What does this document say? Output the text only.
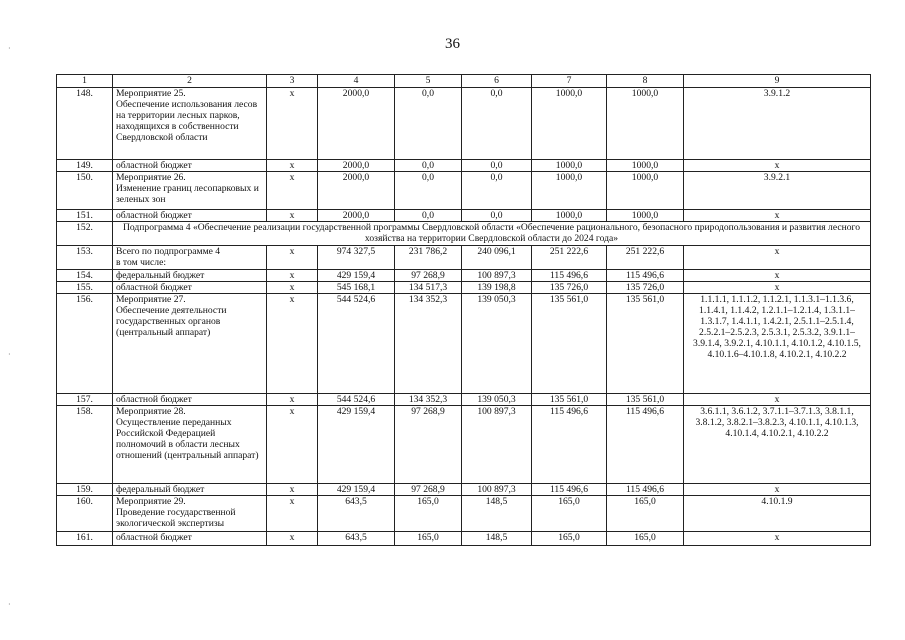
36
1	2	3	4	5	6	7	8	9
148.	Мероприятие 25.
Обеспечение использования лесов на территории лесных парков, находящихся в собственности Свердловской области	х	2000,0	0,0	0,0	1000,0	1000,0	3.9.1.2
149.	областной бюджет	х	2000,0	0,0	0,0	1000,0	1000,0	х
150.	Мероприятие 26.
Изменение границ лесопарковых и зеленых зон	х	2000,0	0,0	0,0	1000,0	1000,0	3.9.2.1
151.	областной бюджет	х	2000,0	0,0	0,0	1000,0	1000,0	х
152.	Подпрограмма 4 «Обеспечение реализации государственной программы Свердловской области «Обеспечение рационального, безопасного природопользования и развития лесного хозяйства на территории Свердловской области до 2024 года»							
153.	Всего по подпрограмме 4
в том числе:	х	974 327,5	231 786,2	240 096,1	251 222,6	251 222,6	х
154.	федеральный бюджет	х	429 159,4	97 268,9	100 897,3	115 496,6	115 496,6	х
155.	областной бюджет	х	545 168,1	134 517,3	139 198,8	135 726,0	135 726,0	х
156.	Мероприятие 27.
Обеспечение деятельности государственных органов (центральный аппарат)	х	544 524,6	134 352,3	139 050,3	135 561,0	135 561,0	1.1.1.1, 1.1.1.2, 1.1.2.1, 1.1.3.1–1.1.3.6, 1.1.4.1, 1.1.4.2, 1.2.1.1–1.2.1.4, 1.3.1.1–1.3.1.7, 1.4.1.1, 1.4.2.1, 2.5.1.1–2.5.1.4, 2.5.2.1–2.5.2.3, 2.5.3.1, 2.5.3.2, 3.9.1.1–3.9.1.4, 3.9.2.1, 4.10.1.1, 4.10.1.2, 4.10.1.5, 4.10.1.6–4.10.1.8, 4.10.2.1, 4.10.2.2
157.	областной бюджет	х	544 524,6	134 352,3	139 050,3	135 561,0	135 561,0	х
158.	Мероприятие 28.
Осуществление переданных Российской Федерацией полномочий в области лесных отношений (центральный аппарат)	х	429 159,4	97 268,9	100 897,3	115 496,6	115 496,6	3.6.1.1, 3.6.1.2, 3.7.1.1–3.7.1.3, 3.8.1.1, 3.8.1.2, 3.8.2.1–3.8.2.3, 4.10.1.1, 4.10.1.3, 4.10.1.4, 4.10.2.1, 4.10.2.2
159.	федеральный бюджет	х	429 159,4	97 268,9	100 897,3	115 496,6	115 496,6	х
160.	Мероприятие 29.
Проведение государственной экологической экспертизы	х	643,5	165,0	148,5	165,0	165,0	4.10.1.9
161.	областной бюджет	х	643,5	165,0	148,5	165,0	165,0	х
·
·
·
